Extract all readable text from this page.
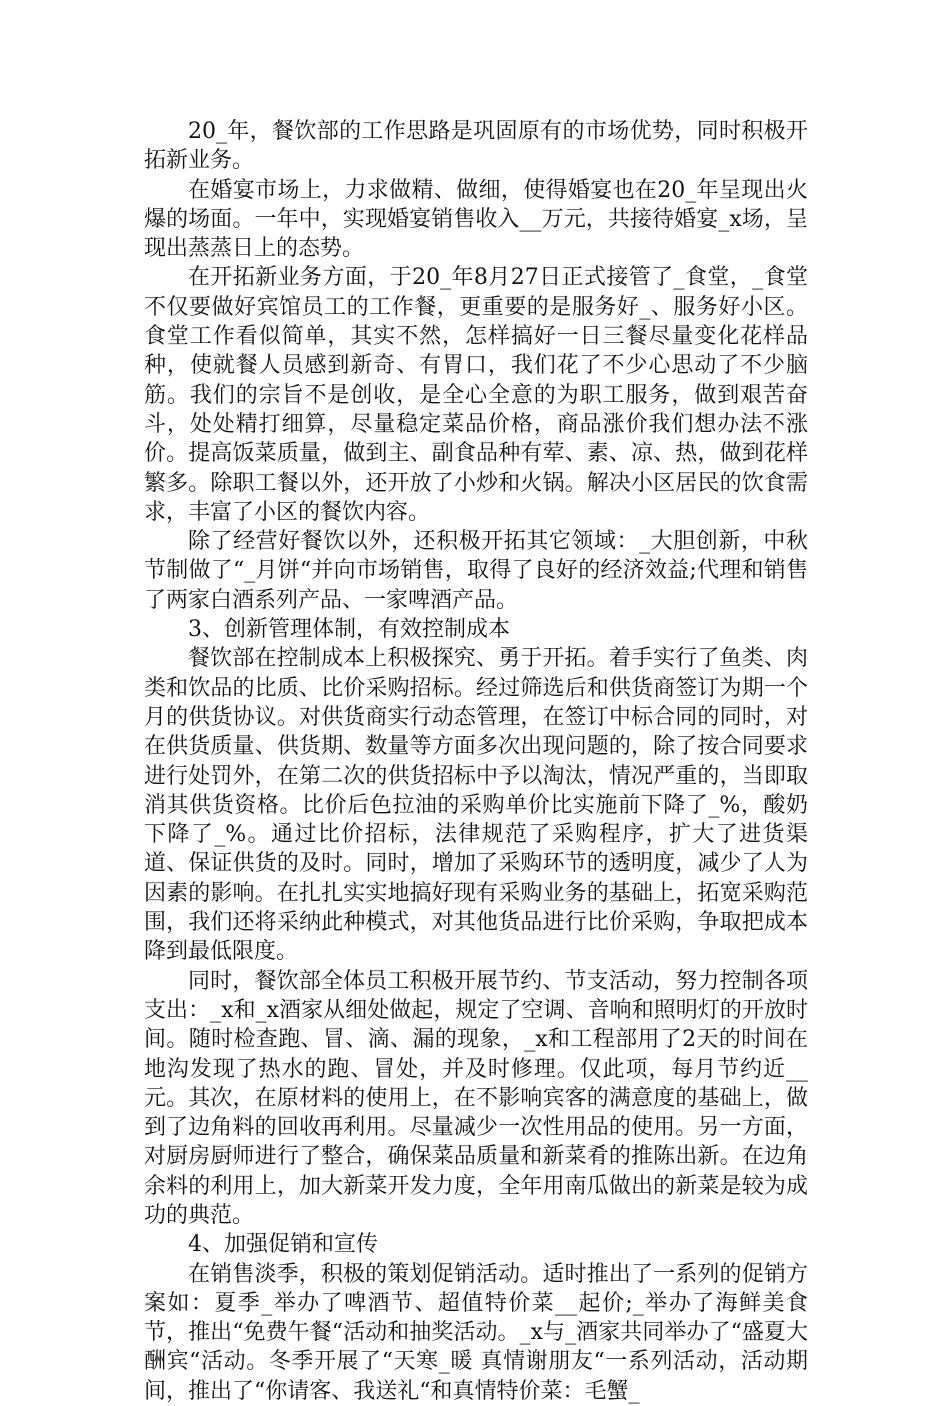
20_年，餐饮部的工作思路是巩固原有的市场优势，同时积极开拓新业务。

在婚宴市场上，力求做精、做细，使得婚宴也在20_年呈现出火爆的场面。一年中，实现婚宴销售收入__万元，共接待婚宴_x场，呈现出蒸蒸日上的态势。

在开拓新业务方面，于20_年8月27日正式接管了_食堂，_食堂不仅要做好宾馆员工的工作餐，更重要的是服务好_、服务好小区。食堂工作看似简单，其实不然，怎样搞好一日三餐尽量变化花样品种，使就餐人员感到新奇、有胃口，我们花了不少心思动了不少脑筋。我们的宗旨不是创收，是全心全意的为职工服务，做到艰苦奋斗，处处精打细算，尽量稳定菜品价格，商品涨价我们想办法不涨价。提高饭菜质量，做到主、副食品种有荤、素、凉、热，做到花样繁多。除职工餐以外，还开放了小炒和火锅。解决小区居民的饮食需求，丰富了小区的餐饮内容。

除了经营好餐饮以外，还积极开拓其它领域：_大胆创新，中秋节制做了“_月饼“并向市场销售，取得了良好的经济效益;代理和销售了两家白酒系列产品、一家啤酒产品。

3、创新管理体制，有效控制成本

餐饮部在控制成本上积极探究、勇于开拓。着手实行了鱼类、肉类和饮品的比质、比价采购招标。经过筛选后和供货商签订为期一个月的供货协议。对供货商实行动态管理，在签订中标合同的同时，对在供货质量、供货期、数量等方面多次出现问题的，除了按合同要求进行处罚外，在第二次的供货招标中予以淘汰，情况严重的，当即取消其供货资格。比价后色拉油的采购单价比实施前下降了_%，酸奶下降了_%。通过比价招标，法律规范了采购程序，扩大了进货渠道、保证供货的及时。同时，增加了采购环节的透明度，减少了人为因素的影响。在扎扎实实地搞好现有采购业务的基础上，拓宽采购范围，我们还将采纳此种模式，对其他货品进行比价采购，争取把成本降到最低限度。

同时，餐饮部全体员工积极开展节约、节支活动，努力控制各项支出：_x和_x酒家从细处做起，规定了空调、音响和照明灯的开放时间。随时检查跑、冒、滴、漏的现象，_x和工程部用了2天的时间在地沟发现了热水的跑、冒处，并及时修理。仅此项，每月节约近__元。其次，在原材料的使用上，在不影响宾客的满意度的基础上，做到了边角料的回收再利用。尽量减少一次性用品的使用。另一方面，对厨房厨师进行了整合，确保菜品质量和新菜肴的推陈出新。在边角余料的利用上，加大新菜开发力度，全年用南瓜做出的新菜是较为成功的典范。

4、加强促销和宣传

在销售淡季，积极的策划促销活动。适时推出了一系列的促销方案如：夏季_举办了啤酒节、超值特价菜__起价;_举办了海鲜美食节，推出“免费午餐“活动和抽奖活动。_x与_酒家共同举办了“盛夏大酬宾“活动。冬季开展了“天寒_暖 真情谢朋友“一系列活动，活动期间，推出了“你请客、我送礼“和真情特价菜：毛蟹_
